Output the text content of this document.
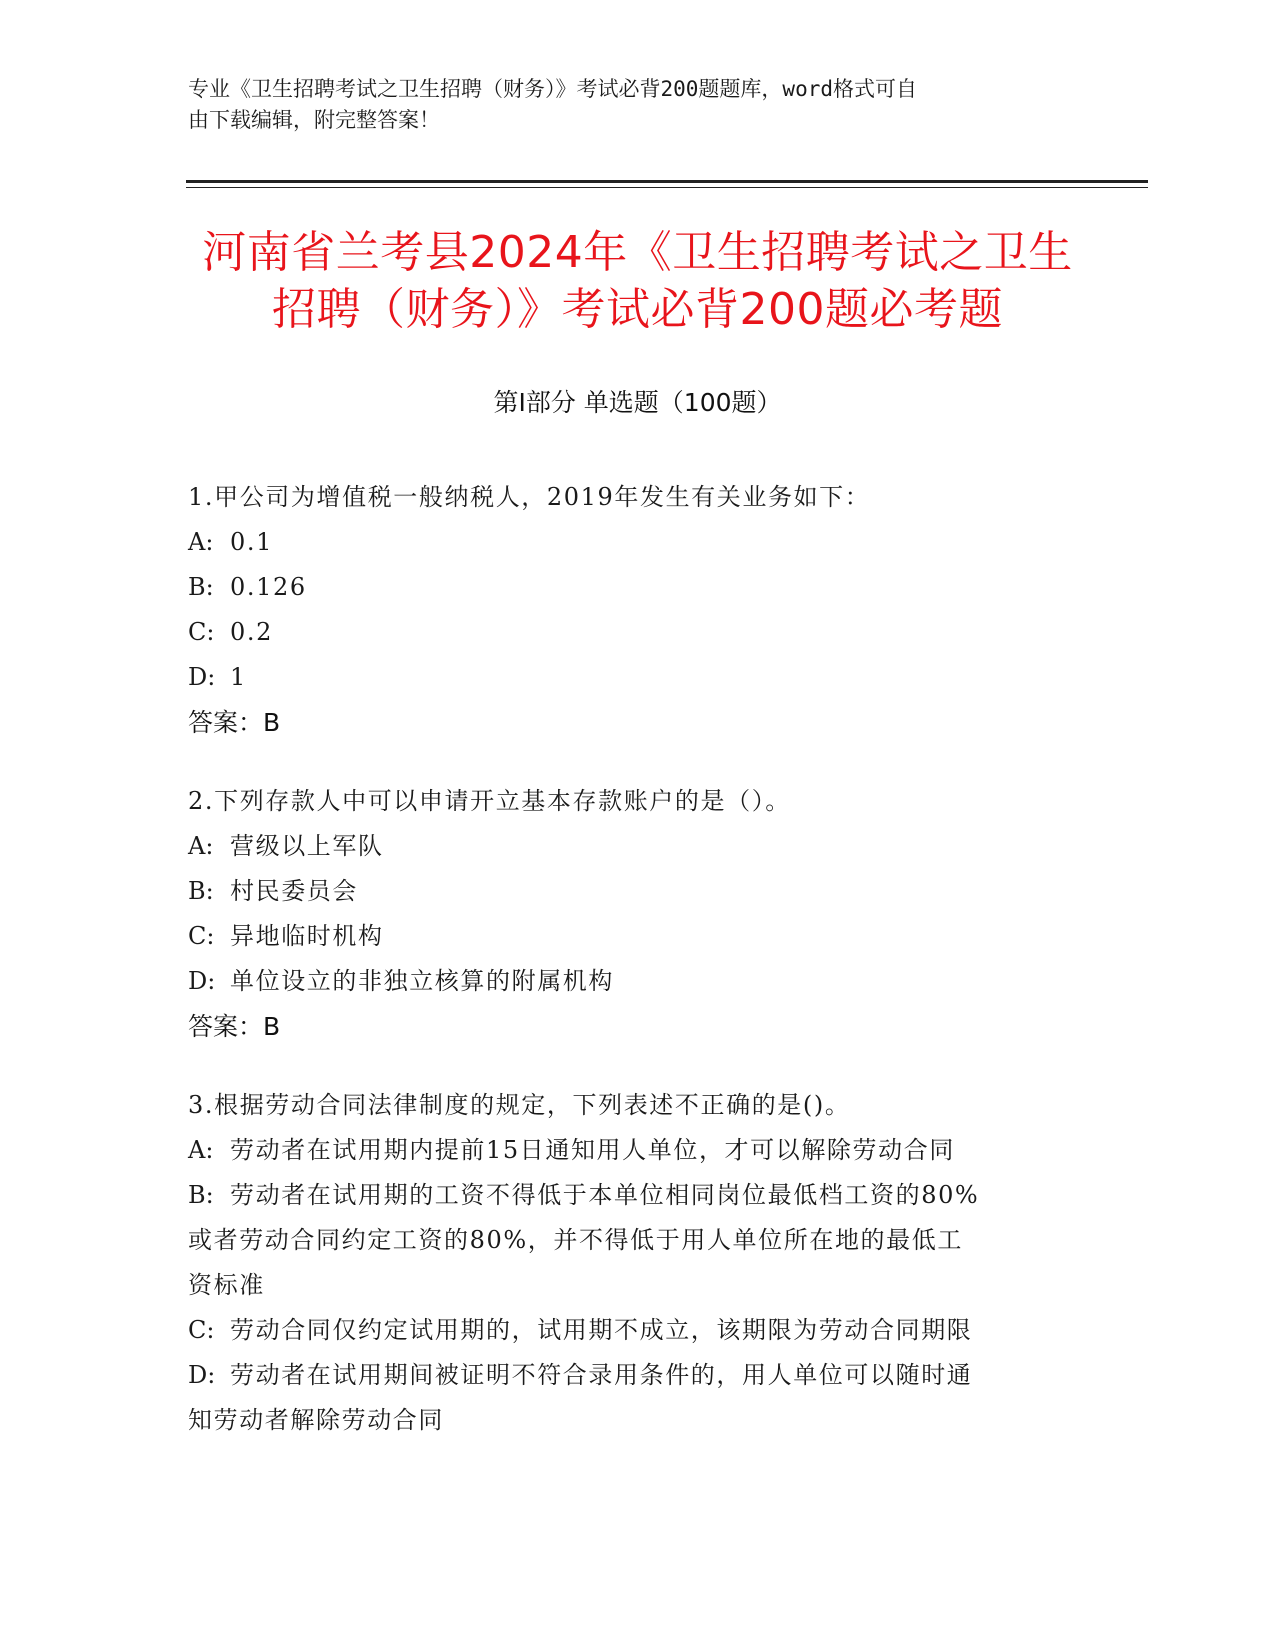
专业《卫生招聘考试之卫生招聘（财务）》考试必背200题题库，word格式可自
由下载编辑，附完整答案！
河南省兰考县2024年《卫生招聘考试之卫生
招聘（财务）》考试必背200题必考题
第Ⅰ部分 单选题（100题）
1.甲公司为增值税一般纳税人，2019年发生有关业务如下：
A: 0.1
B: 0.126
C: 0.2
D: 1
答案：B
2.下列存款人中可以申请开立基本存款账户的是（）。
A: 营级以上军队
B: 村民委员会
C: 异地临时机构
D: 单位设立的非独立核算的附属机构
答案：B
3.根据劳动合同法律制度的规定，下列表述不正确的是()。
A: 劳动者在试用期内提前15日通知用人单位，才可以解除劳动合同
B: 劳动者在试用期的工资不得低于本单位相同岗位最低档工资的80%
或者劳动合同约定工资的80%，并不得低于用人单位所在地的最低工
资标准
C: 劳动合同仅约定试用期的，试用期不成立，该期限为劳动合同期限
D: 劳动者在试用期间被证明不符合录用条件的，用人单位可以随时通
知劳动者解除劳动合同
